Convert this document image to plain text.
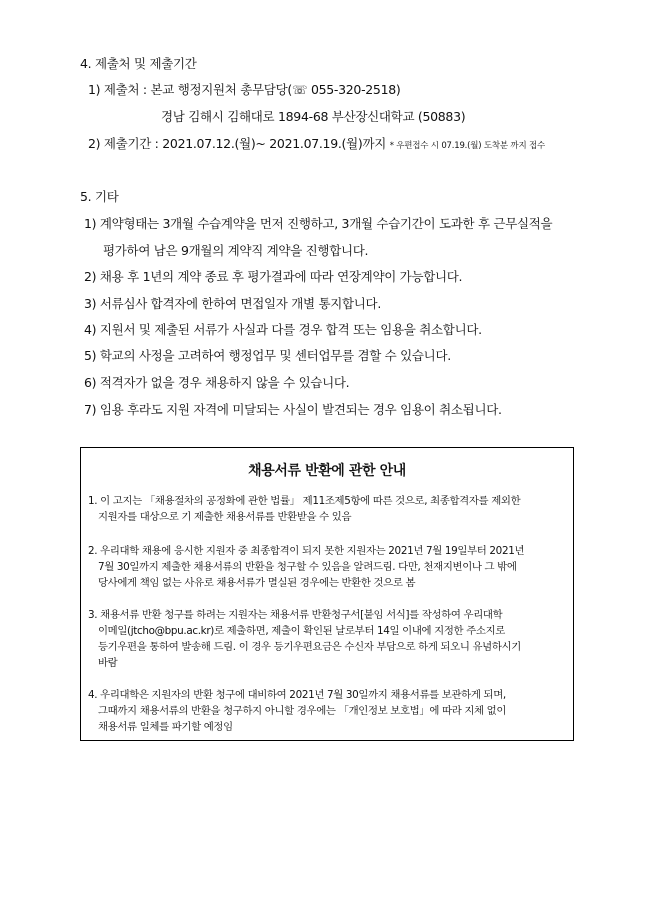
4. 제출처 및 제출기간
1) 제출처 : 본교 행정지원처 총무담당(☏ 055-320-2518)
경남 김해시 김해대로 1894-68 부산장신대학교 (50883)
2) 제출기간 : 2021.07.12.(월)~ 2021.07.19.(월)까지 * 우편접수 시 07.19.(월) 도착분 까지 접수
5. 기타
1) 계약형태는 3개월 수습계약을 먼저 진행하고, 3개월 수습기간이 도과한 후 근무실적을
평가하여 남은 9개월의 계약직 계약을 진행합니다.
2) 채용 후 1년의 계약 종료 후 평가결과에 따라 연장계약이 가능합니다.
3) 서류심사 합격자에 한하여 면접일자 개별 통지합니다.
4) 지원서 및 제출된 서류가 사실과 다를 경우 합격 또는 임용을 취소합니다.
5) 학교의 사정을 고려하여 행정업무 및 센터업무를 겸할 수 있습니다.
6) 적격자가 없을 경우 채용하지 않을 수 있습니다.
7) 임용 후라도 지원 자격에 미달되는 사실이 발견되는 경우 임용이 취소됩니다.
채용서류 반환에 관한 안내
1. 이 고지는 「채용절차의 공정화에 관한 법률」 제11조제5항에 따른 것으로, 최종합격자를 제외한
지원자를 대상으로 기 제출한 채용서류를 반환받을 수 있음
2. 우리대학 채용에 응시한 지원자 중 최종합격이 되지 못한 지원자는 2021년 7월 19일부터 2021년
7월 30일까지 제출한 채용서류의 반환을 청구할 수 있음을 알려드림. 다만, 천재지변이나 그 밖에
당사에게 책임 없는 사유로 채용서류가 멸실된 경우에는 반환한 것으로 봄
3. 채용서류 반환 청구를 하려는 지원자는 채용서류 반환청구서[붙임 서식]를 작성하여 우리대학
이메일(jtcho@bpu.ac.kr)로 제출하면, 제출이 확인된 날로부터 14일 이내에 지정한 주소지로
등기우편을 통하여 발송해 드림. 이 경우 등기우편요금은 수신자 부담으로 하게 되오니 유념하시기
바람
4. 우리대학은 지원자의 반환 청구에 대비하여 2021년 7월 30일까지 채용서류를 보관하게 되며,
그때까지 채용서류의 반환을 청구하지 아니할 경우에는 「개인정보 보호법」에 따라 지체 없이
채용서류 일체를 파기할 예정임
